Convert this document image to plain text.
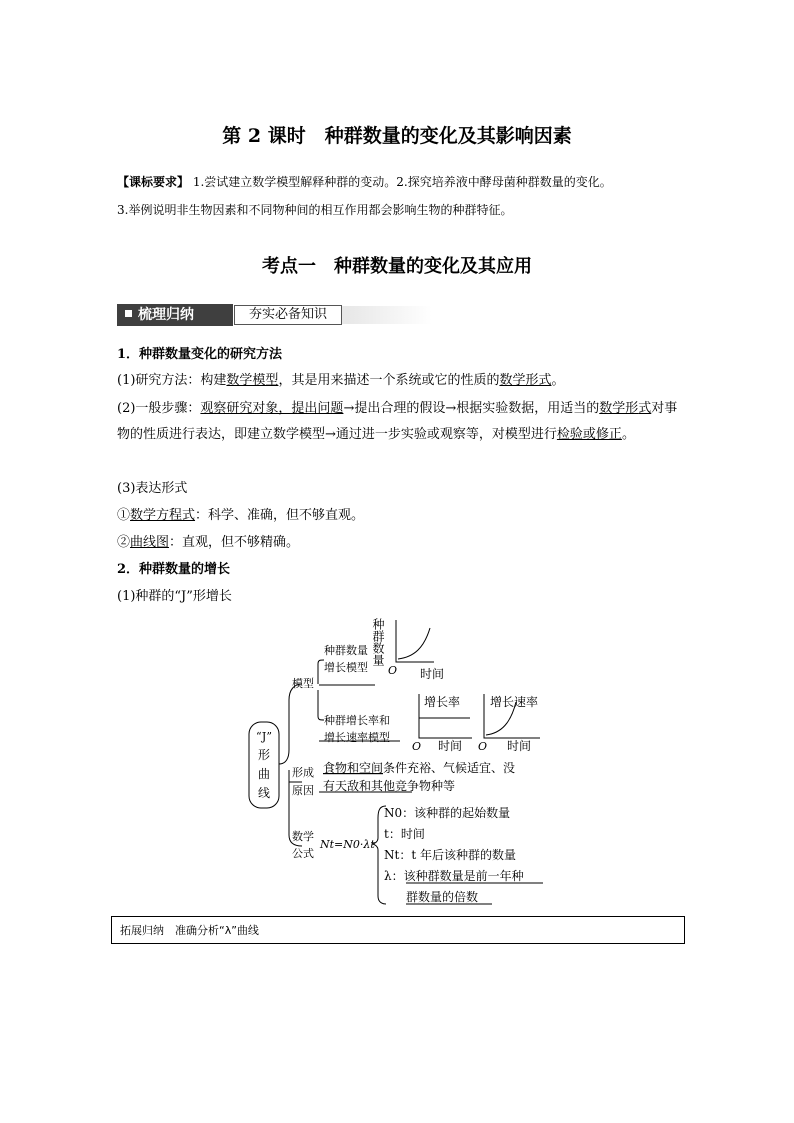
第 2 课时　种群数量的变化及其影响因素
【课标要求】 1.尝试建立数学模型解释种群的变动。2.探究培养液中酵母菌种群数量的变化。
3.举例说明非生物因素和不同物种间的相互作用都会影响生物的种群特征。
考点一　种群数量的变化及其应用
梳理归纳	夯实必备知识
1．种群数量变化的研究方法
(1)研究方法：构建数学模型，其是用来描述一个系统或它的性质的数学形式。
(2)一般步骤：观察研究对象，提出问题→提出合理的假设→根据实验数据，用适当的数学形式对事物的性质进行表达，即建立数学模型→通过进一步实验或观察等，对模型进行检验或修正。
(3)表达形式
①数学方程式：科学、准确，但不够直观。
②曲线图：直观，但不够精确。
2．种群数量的增长
(1)种群的“J”形增长
“J”
形
曲
线
模型
种群数量
增长模型
种群增长率和
增长速率模型
种群数量
O 时间
增长率
O 时间
增长速率
O 时间
形成
原因
食物和空间条件充裕、气候适宜、没
有天敌和其他竞争物种等
数学
公式
Nt=N0·λt
N0：该种群的起始数量
t：时间
Nt：t 年后该种群的数量
λ：该种群数量是前一年种
群数量的倍数
拓展归纳　准确分析“λ”曲线
